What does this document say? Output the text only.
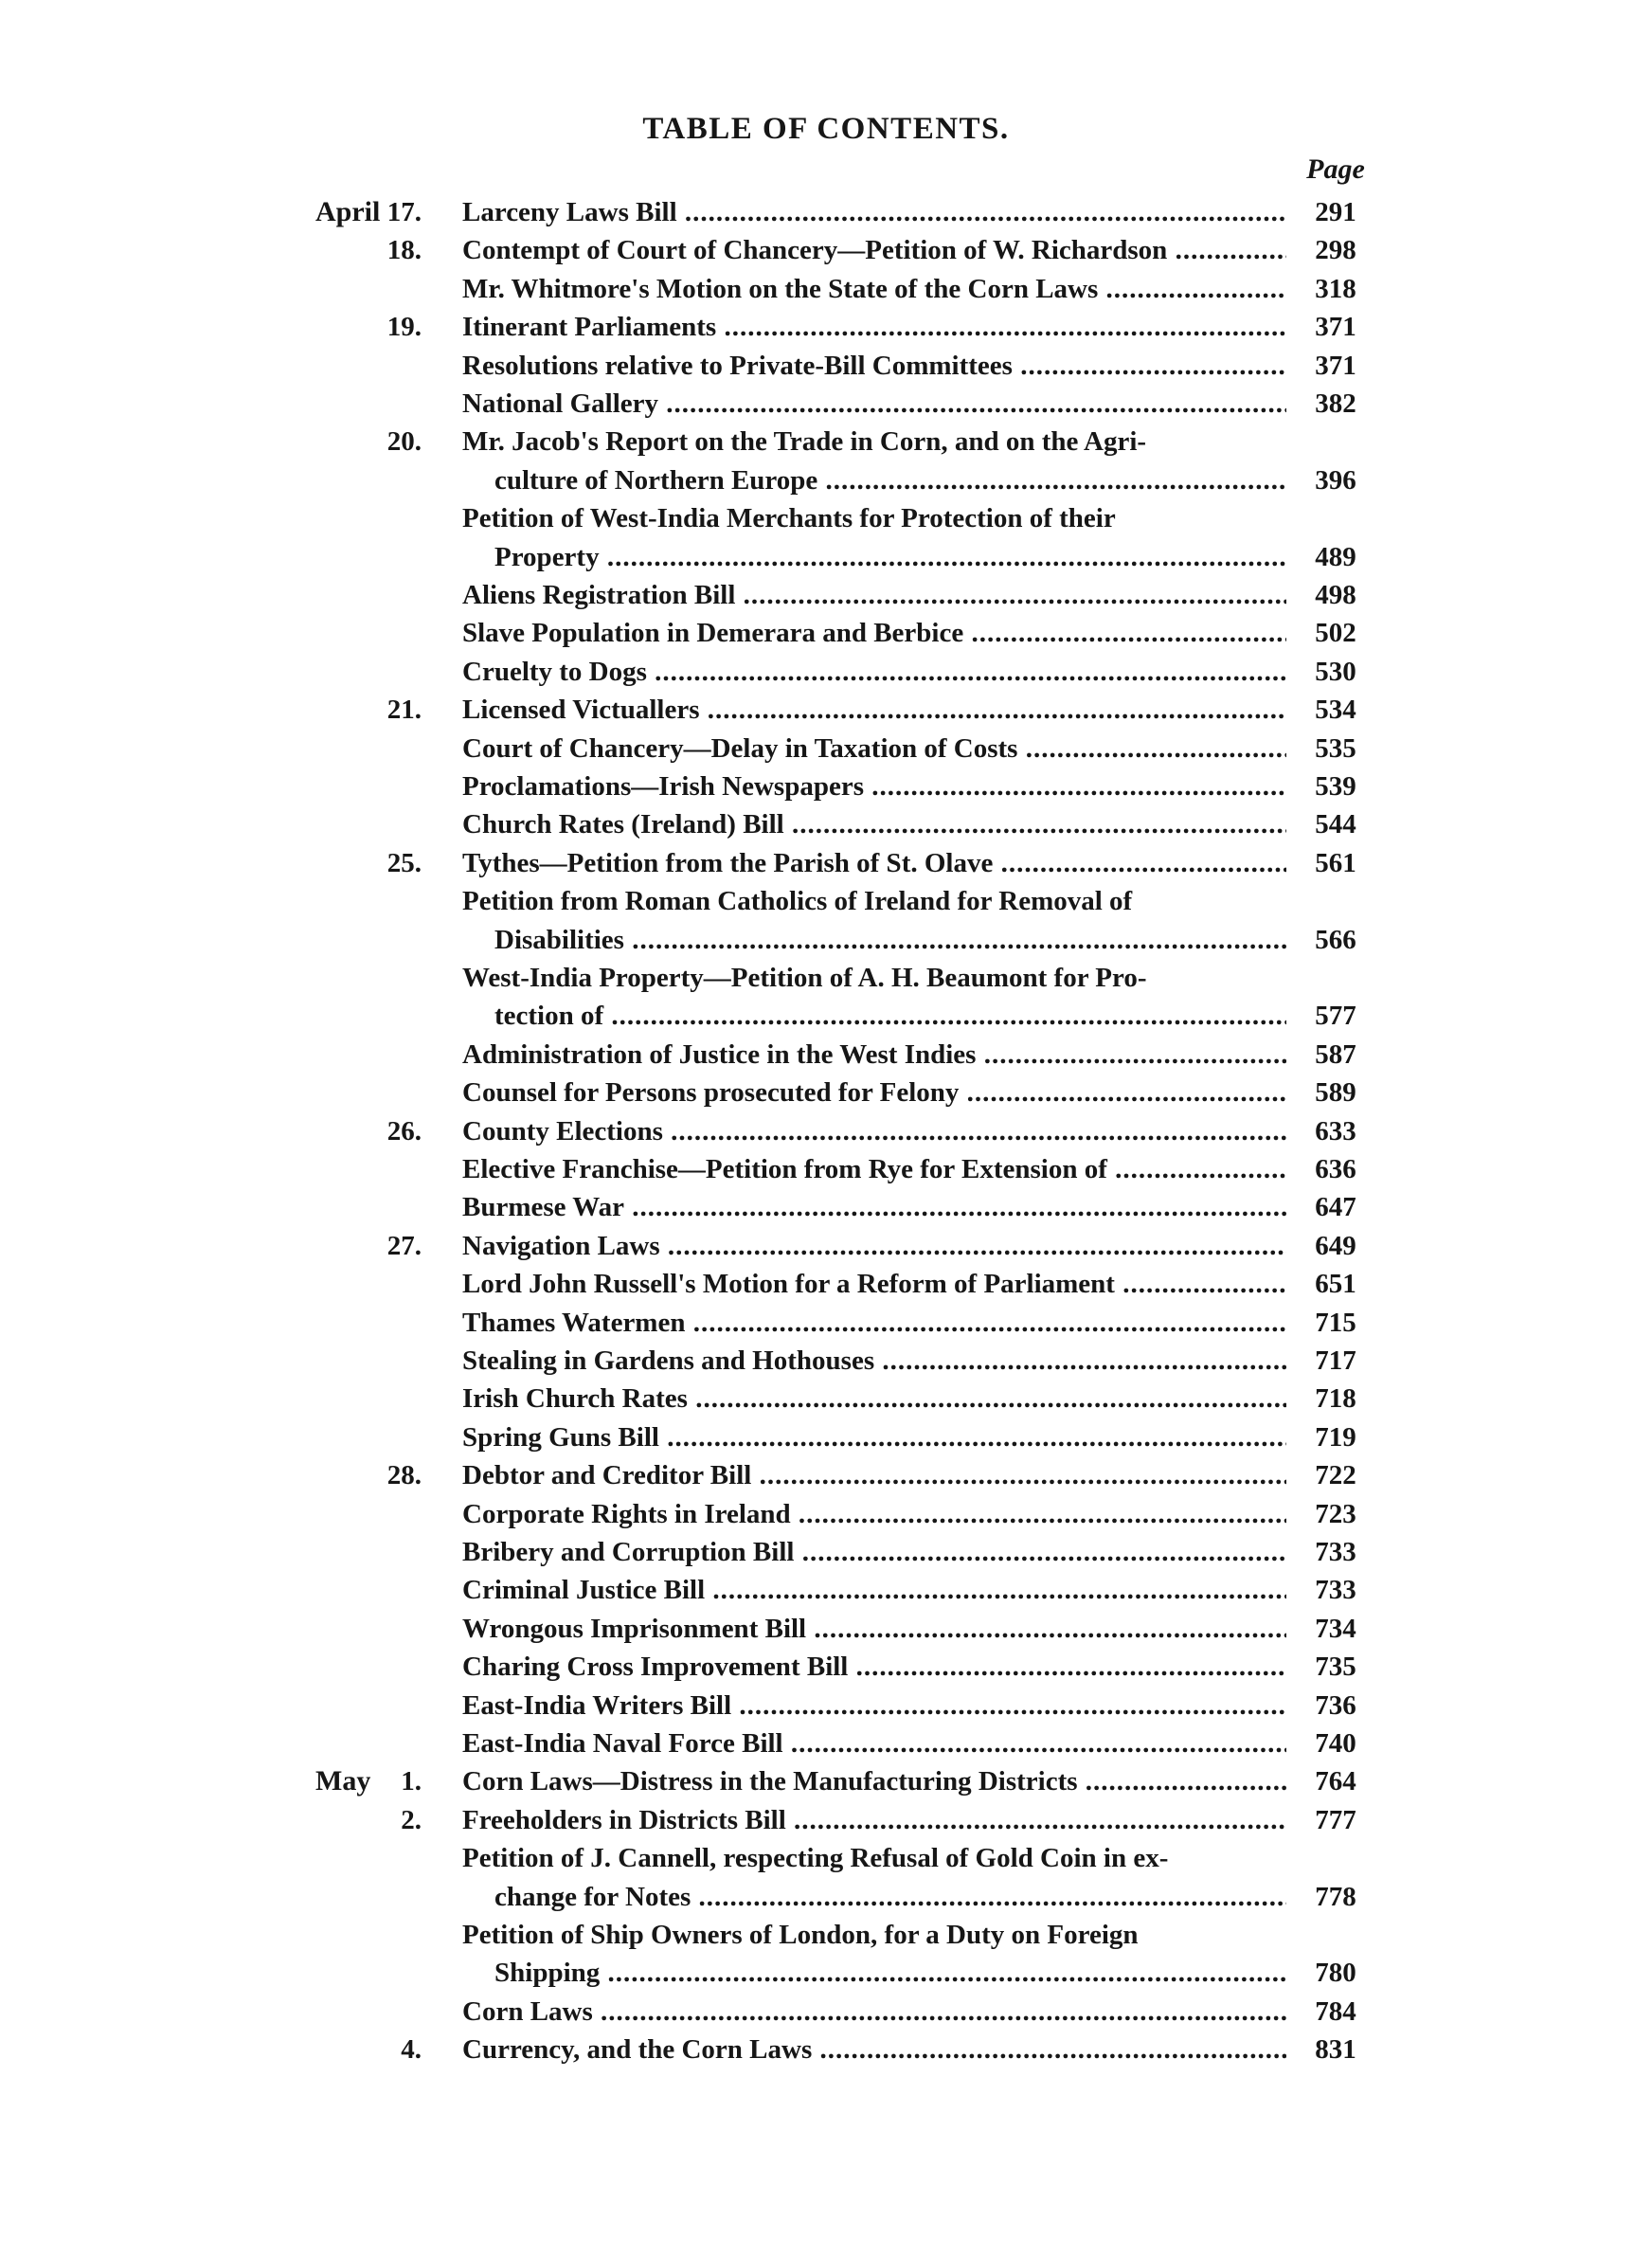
TABLE OF CONTENTS.
Page
April 17. Larceny Laws Bill .....	291
18. Contempt of Court of Chancery—Petition of W. Richardson .....	298
Mr. Whitmore's Motion on the State of the Corn Laws .....	318
19. Itinerant Parliaments .....	371
Resolutions relative to Private-Bill Committees .....	371
National Gallery .....	382
20. Mr. Jacob's Report on the Trade in Corn, and on the Agri-
culture of Northern Europe .....	396
Petition of West-India Merchants for Protection of their
Property .....	489
Aliens Registration Bill .....	498
Slave Population in Demerara and Berbice .....	502
Cruelty to Dogs .....	530
21. Licensed Victuallers .....	534
Court of Chancery—Delay in Taxation of Costs .....	535
Proclamations—Irish Newspapers .....	539
Church Rates (Ireland) Bill .....	544
25. Tythes—Petition from the Parish of St. Olave .....	561
Petition from Roman Catholics of Ireland for Removal of
Disabilities .....	566
West-India Property—Petition of A. H. Beaumont for Pro-
tection of .....	577
Administration of Justice in the West Indies .....	587
Counsel for Persons prosecuted for Felony .....	589
26. County Elections .....	633
Elective Franchise—Petition from Rye for Extension of .....	636
Burmese War .....	647
27. Navigation Laws .....	649
Lord John Russell's Motion for a Reform of Parliament .....	651
Thames Watermen .....	715
Stealing in Gardens and Hothouses .....	717
Irish Church Rates .....	718
Spring Guns Bill .....	719
28. Debtor and Creditor Bill .....	722
Corporate Rights in Ireland .....	723
Bribery and Corruption Bill .....	733
Criminal Justice Bill .....	733
Wrongous Imprisonment Bill .....	734
Charing Cross Improvement Bill .....	735
East-India Writers Bill .....	736
East-India Naval Force Bill .....	740
May	1. Corn Laws—Distress in the Manufacturing Districts .....	764
2. Freeholders in Districts Bill .....	777
Petition of J. Cannell, respecting Refusal of Gold Coin in ex-
change for Notes .....	778
Petition of Ship Owners of London, for a Duty on Foreign
Shipping .....	780
Corn Laws .....	784
4. Currency, and the Corn Laws .....	831
